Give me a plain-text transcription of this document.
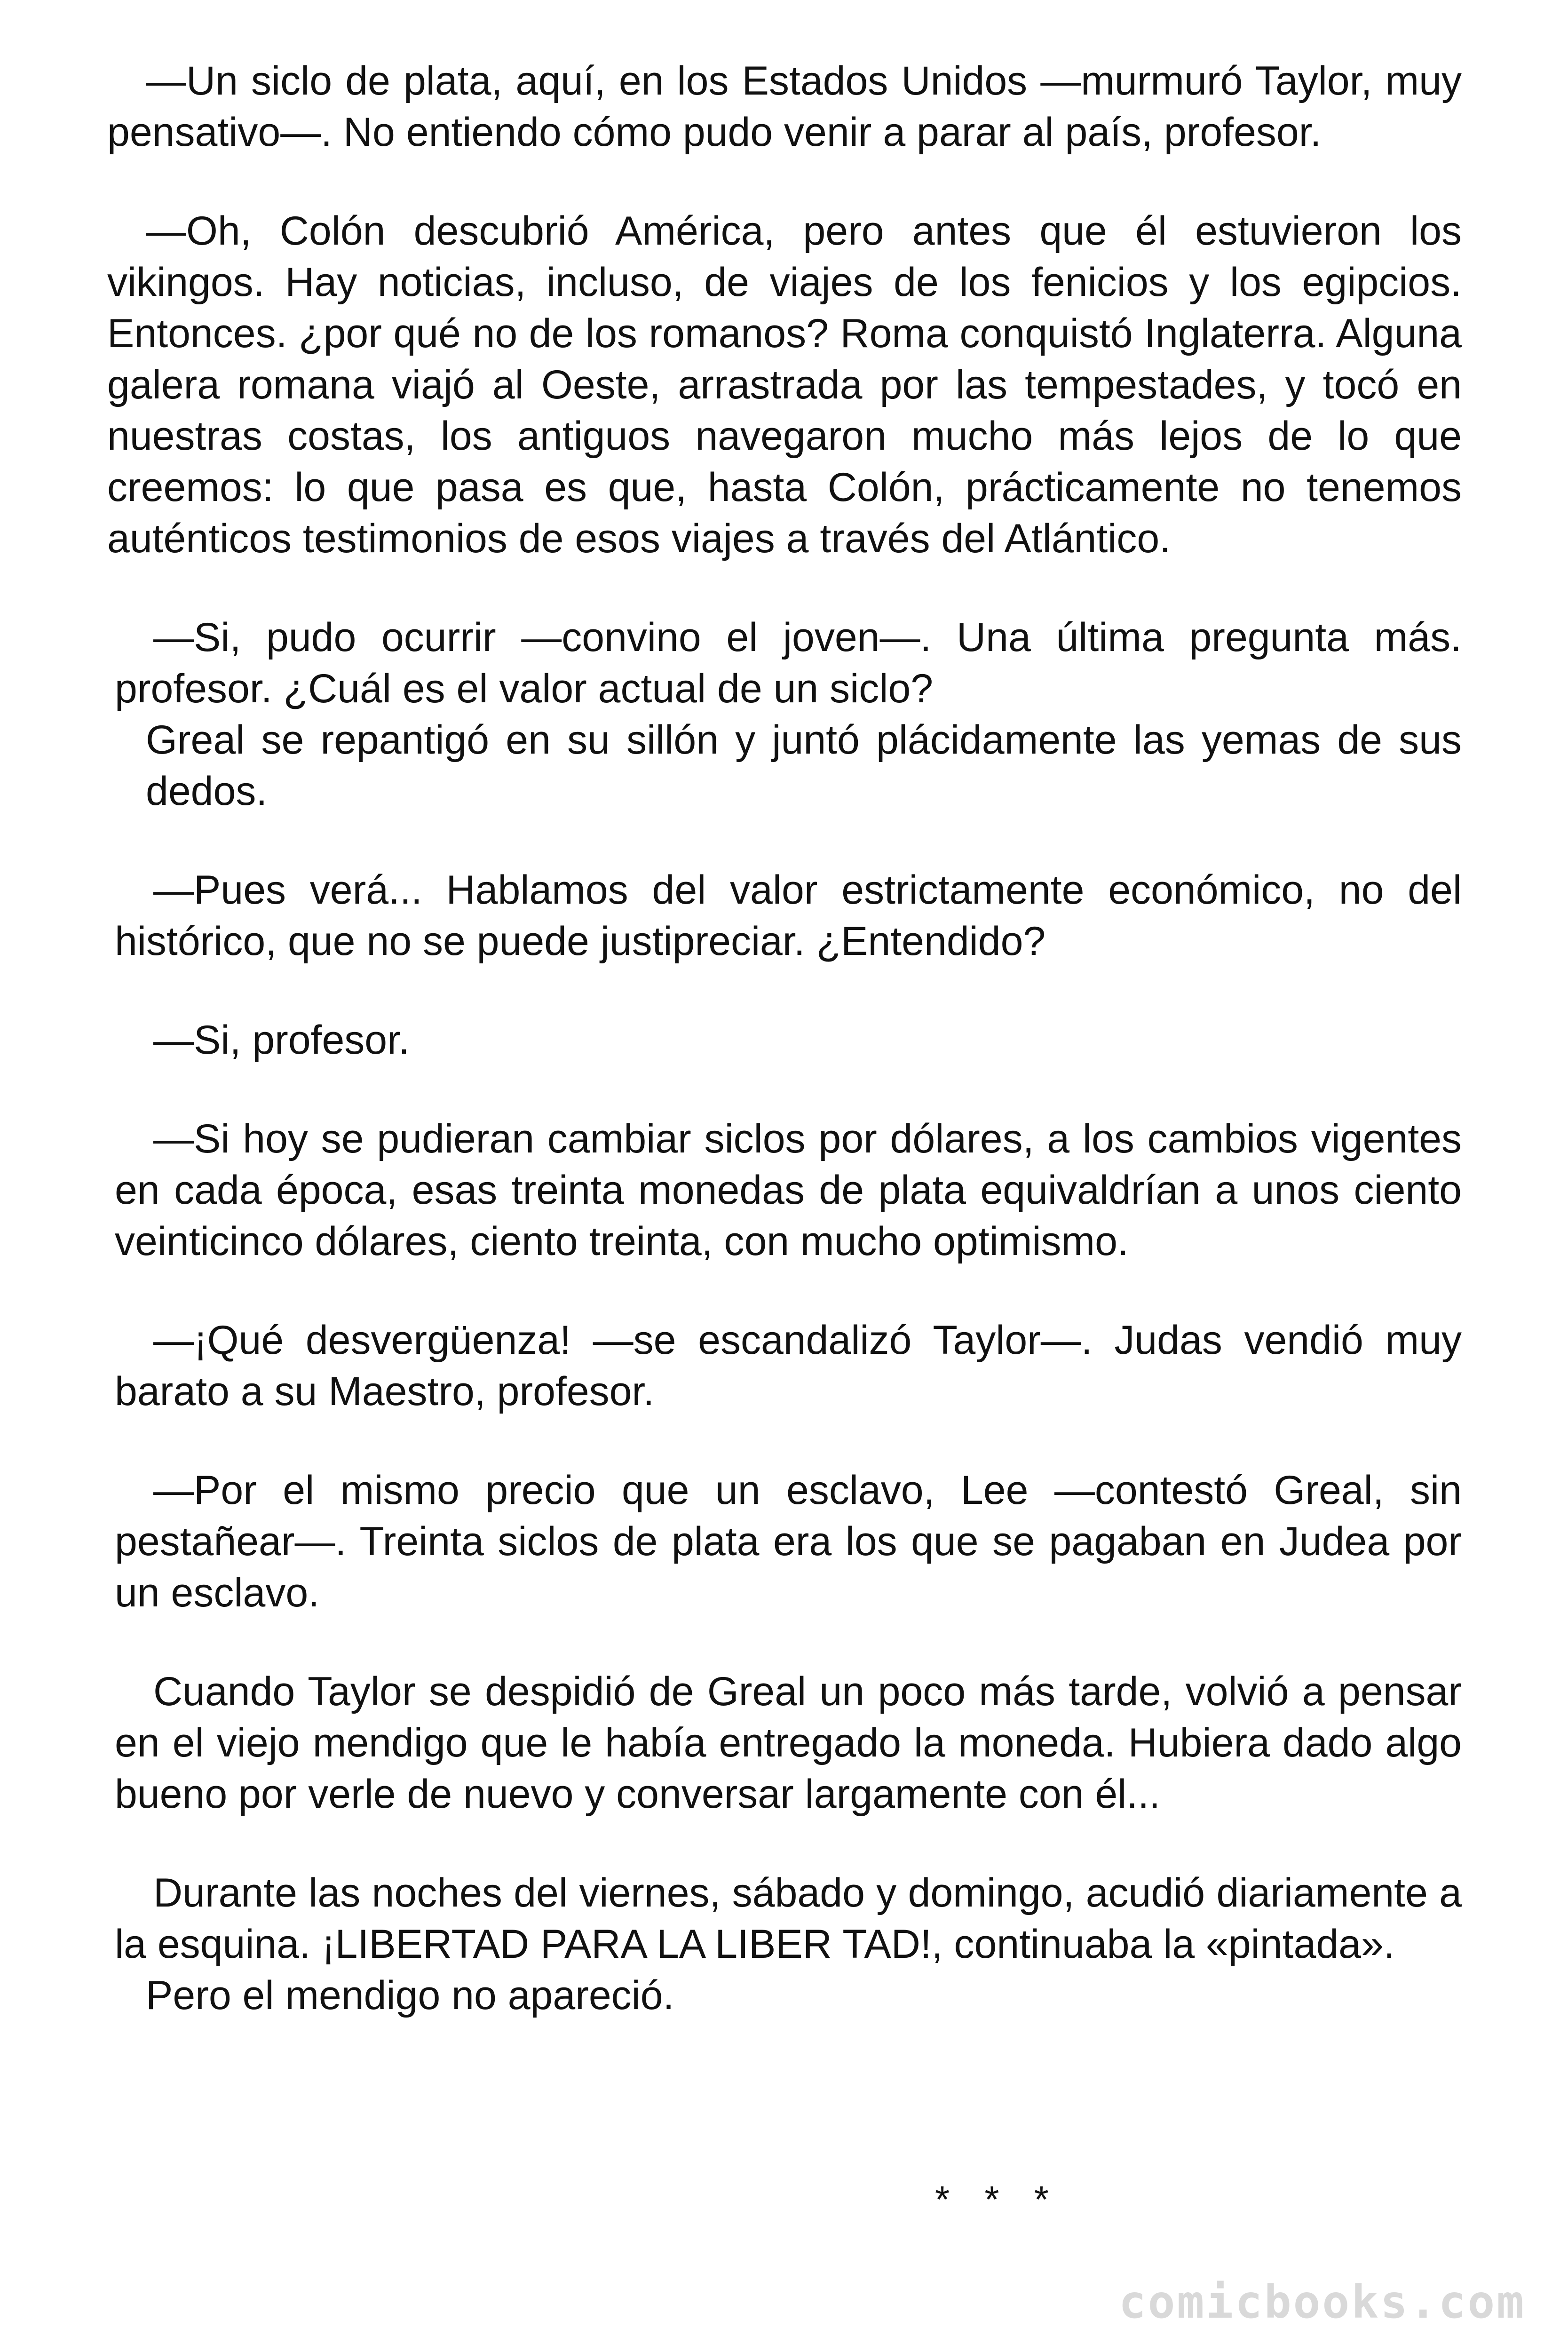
—Un siclo de plata, aquí, en los Estados Unidos —murmuró Taylor, muy pensativo—. No entiendo cómo pudo venir a parar al país, profesor.

—Oh, Colón descubrió América, pero antes que él estuvieron los vikingos. Hay noticias, incluso, de viajes de los fenicios y los egipcios. Entonces. ¿por qué no de los romanos? Roma conquistó Inglaterra. Alguna galera romana viajó al Oeste, arrastrada por las tempestades, y tocó en nuestras costas, los antiguos navegaron mucho más lejos de lo que creemos: lo que pasa es que, hasta Colón, prácticamente no tenemos auténticos testimonios de esos viajes a través del Atlántico.

—Si, pudo ocurrir —convino el joven—. Una última pregunta más. profesor. ¿Cuál es el valor actual de un siclo?

Greal se repantigó en su sillón y juntó plácidamente las yemas de sus dedos.

—Pues verá... Hablamos del valor estrictamente económico, no del histórico, que no se puede justipreciar. ¿Entendido?

—Si, profesor.

—Si hoy se pudieran cambiar siclos por dólares, a los cambios vigentes en cada época, esas treinta monedas de plata equivaldrían a unos ciento veinticinco dólares, ciento treinta, con mucho optimismo.

—¡Qué desvergüenza! —se escandalizó Taylor—. Judas vendió muy barato a su Maestro, profesor.

—Por el mismo precio que un esclavo, Lee —contestó Greal, sin pestañear—. Treinta siclos de plata era los que se pagaban en Judea por un esclavo.

Cuando Taylor se despidió de Greal un poco más tarde, volvió a pensar en el viejo mendigo que le había entregado la moneda. Hubiera dado algo bueno por verle de nuevo y conversar largamente con él...

Durante las noches del viernes, sábado y domingo, acudió diariamente a la esquina. ¡LIBERTAD PARA LA LIBER TAD!, continuaba la «pintada».

Pero el mendigo no apareció.

* * *
comicbooks.com
